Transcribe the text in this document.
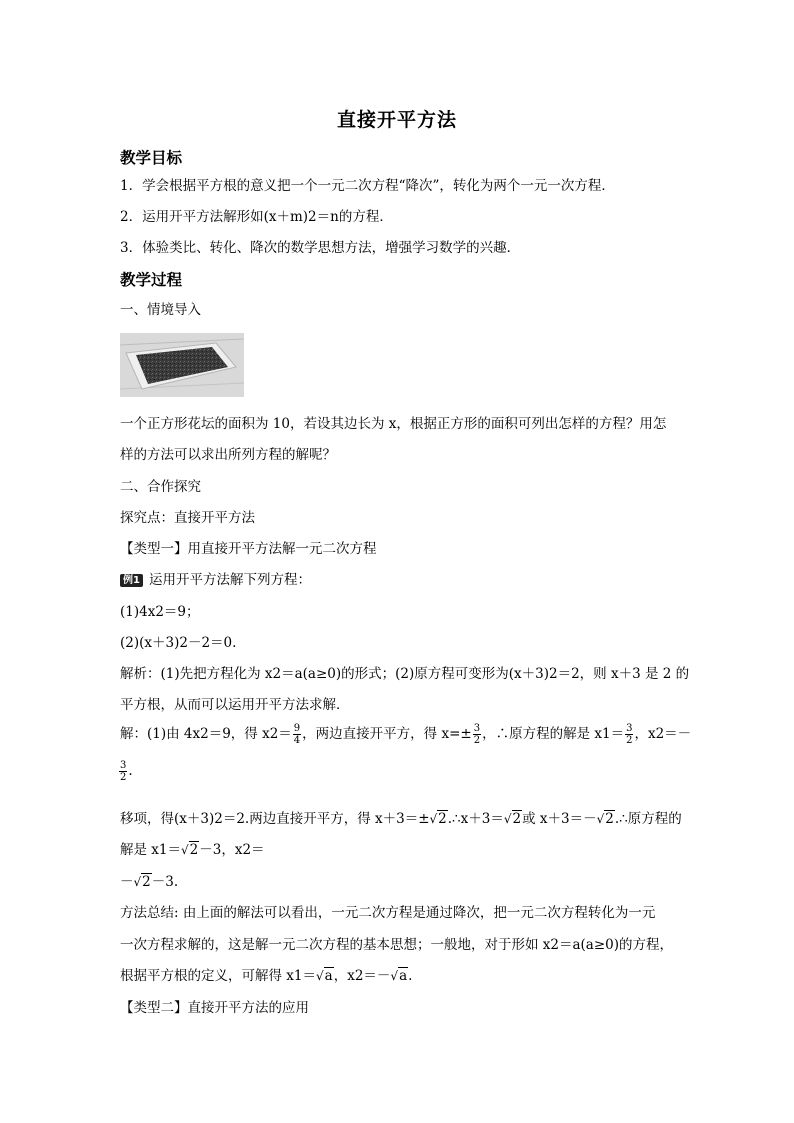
直接开平方法
教学目标
1．学会根据平方根的意义把一个一元二次方程“降次”，转化为两个一元一次方程．
2．运用开平方法解形如(x＋m)2＝n的方程．
3．体验类比、转化、降次的数学思想方法，增强学习数学的兴趣．
教学过程
一、情境导入
一个正方形花坛的面积为 10，若设其边长为 x，根据正方形的面积可列出怎样的方程？用怎
样的方法可以求出所列方程的解呢？
二、合作探究
探究点：直接开平方法
【类型一】用直接开平方法解一元二次方程
例1 运用开平方法解下列方程：
(1)4x2＝9；
(2)(x＋3)2－2＝0.
解析：(1)先把方程化为 x2＝a(a≥0)的形式；(2)原方程可变形为(x＋3)2＝2，则 x＋3 是 2 的
平方根，从而可以运用开平方法求解．
解：(1)由 4x2＝9，得 $x2= \frac{9}{4}$ ，两边直接开平方，得 $x=\pm \frac{3}{2}$ ，∴原方程的解是 $x1= \frac{3}{2}$ ，x2＝－
$\frac{3}{2}$ .
移项，得(x＋3)2＝2.两边直接开平方，得 x＋3＝±√2.∴x＋3＝√2或 x＋3＝－√2.∴原方程的
解是 x1＝√2－3，x2＝
－√2－3.
方法总结: 由上面的解法可以看出，一元二次方程是通过降次，把一元二次方程转化为一元
一次方程求解的，这是解一元二次方程的基本思想；一般地，对于形如 x2＝a(a≥0)的方程，
根据平方根的定义，可解得 x1＝√a，x2＝－√a.
【类型二】直接开平方法的应用
